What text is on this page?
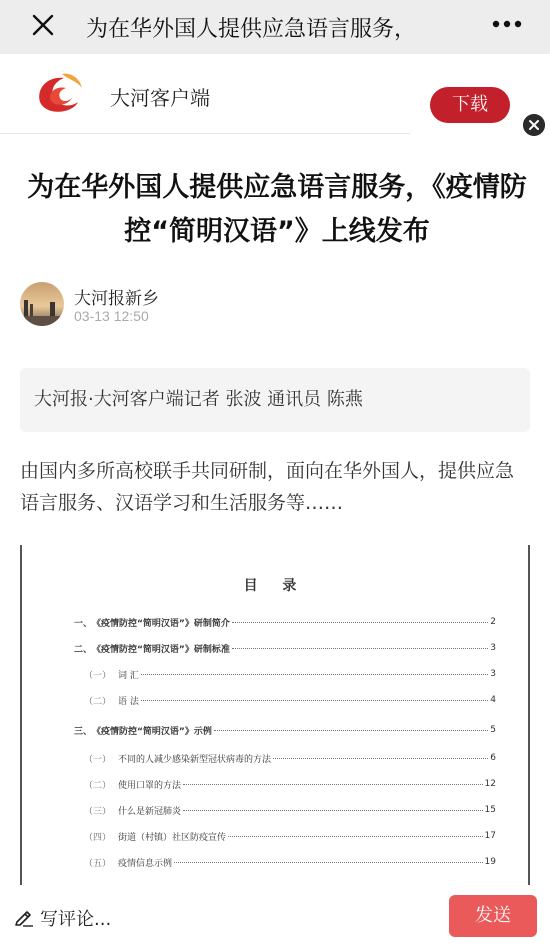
为在华外国人提供应急语言服务，
大河客户端	下载
为在华外国人提供应急语言服务，《疫情防控“简明汉语”》上线发布
大河报新乡
03-13 12:50
大河报·大河客户端记者 张波 通讯员 陈燕
由国内多所高校联手共同研制，面向在华外国人，提供应急语言服务、汉语学习和生活服务等……
目 录
一、 《疫情防控“简明汉语”》研制简介	2
二、 《疫情防控“简明汉语”》研制标准	3
（一） 词 汇	3
（二） 语 法	4
三、 《疫情防控“简明汉语”》示例	5
（一） 不同的人减少感染新型冠状病毒的方法	6
（二） 使用口罩的方法	12
（三） 什么是新冠肺炎	15
（四） 街道（村镇）社区防疫宣传	17
（五） 疫情信息示例	19
写评论...	发送
